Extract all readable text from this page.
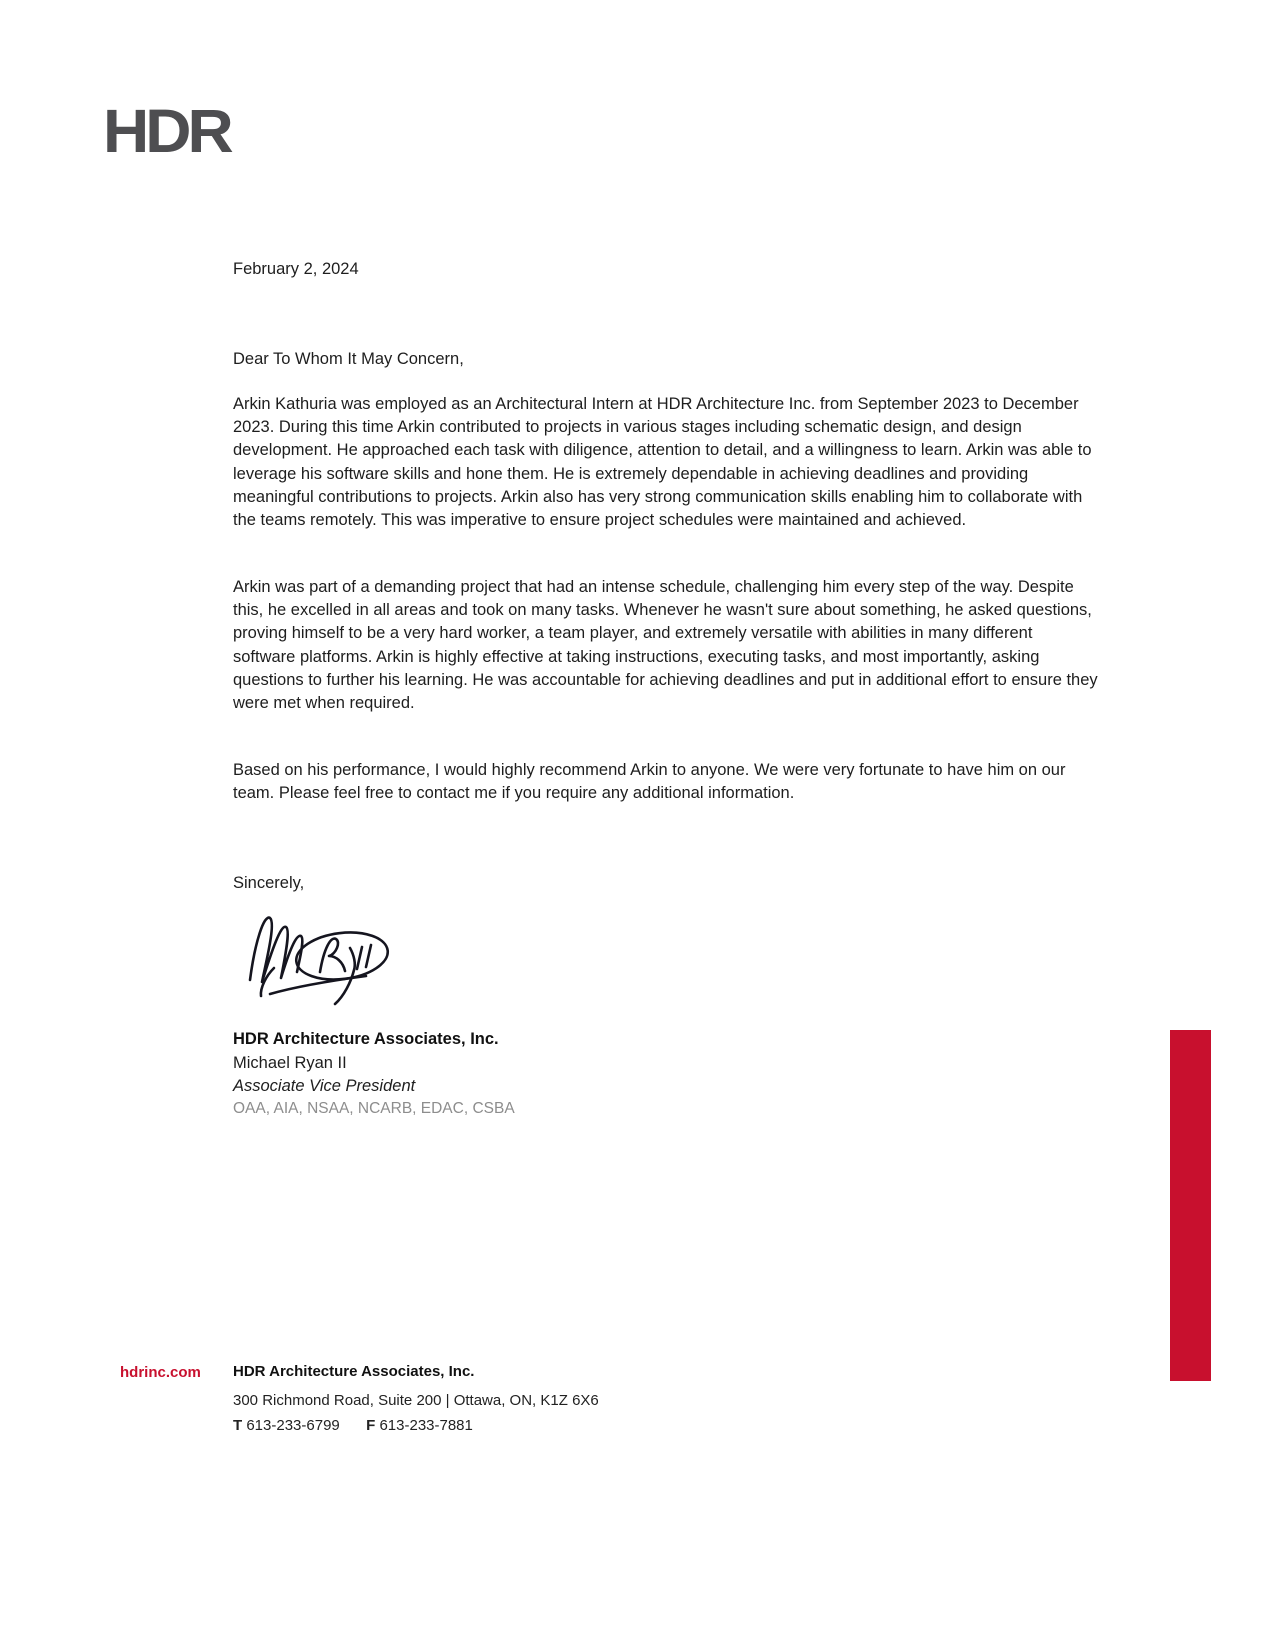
HDR
February 2, 2024
Dear To Whom It May Concern,
Arkin Kathuria was employed as an Architectural Intern at HDR Architecture Inc. from September 2023 to December 2023. During this time Arkin contributed to projects in various stages including schematic design, and design development. He approached each task with diligence, attention to detail, and a willingness to learn. Arkin was able to leverage his software skills and hone them. He is extremely dependable in achieving deadlines and providing meaningful contributions to projects. Arkin also has very strong communication skills enabling him to collaborate with the teams remotely. This was imperative to ensure project schedules were maintained and achieved.
Arkin was part of a demanding project that had an intense schedule, challenging him every step of the way. Despite this, he excelled in all areas and took on many tasks. Whenever he wasn't sure about something, he asked questions, proving himself to be a very hard worker, a team player, and extremely versatile with abilities in many different software platforms. Arkin is highly effective at taking instructions, executing tasks, and most importantly, asking questions to further his learning. He was accountable for achieving deadlines and put in additional effort to ensure they were met when required.
Based on his performance, I would highly recommend Arkin to anyone. We were very fortunate to have him on our team. Please feel free to contact me if you require any additional information.
Sincerely,
HDR Architecture Associates, Inc.
Michael Ryan II
Associate Vice President
OAA, AIA, NSAA, NCARB, EDAC, CSBA
hdrinc.com HDR Architecture Associates, Inc.
300 Richmond Road, Suite 200 | Ottawa, ON, K1Z 6X6
T 613-233-6799 F 613-233-7881
